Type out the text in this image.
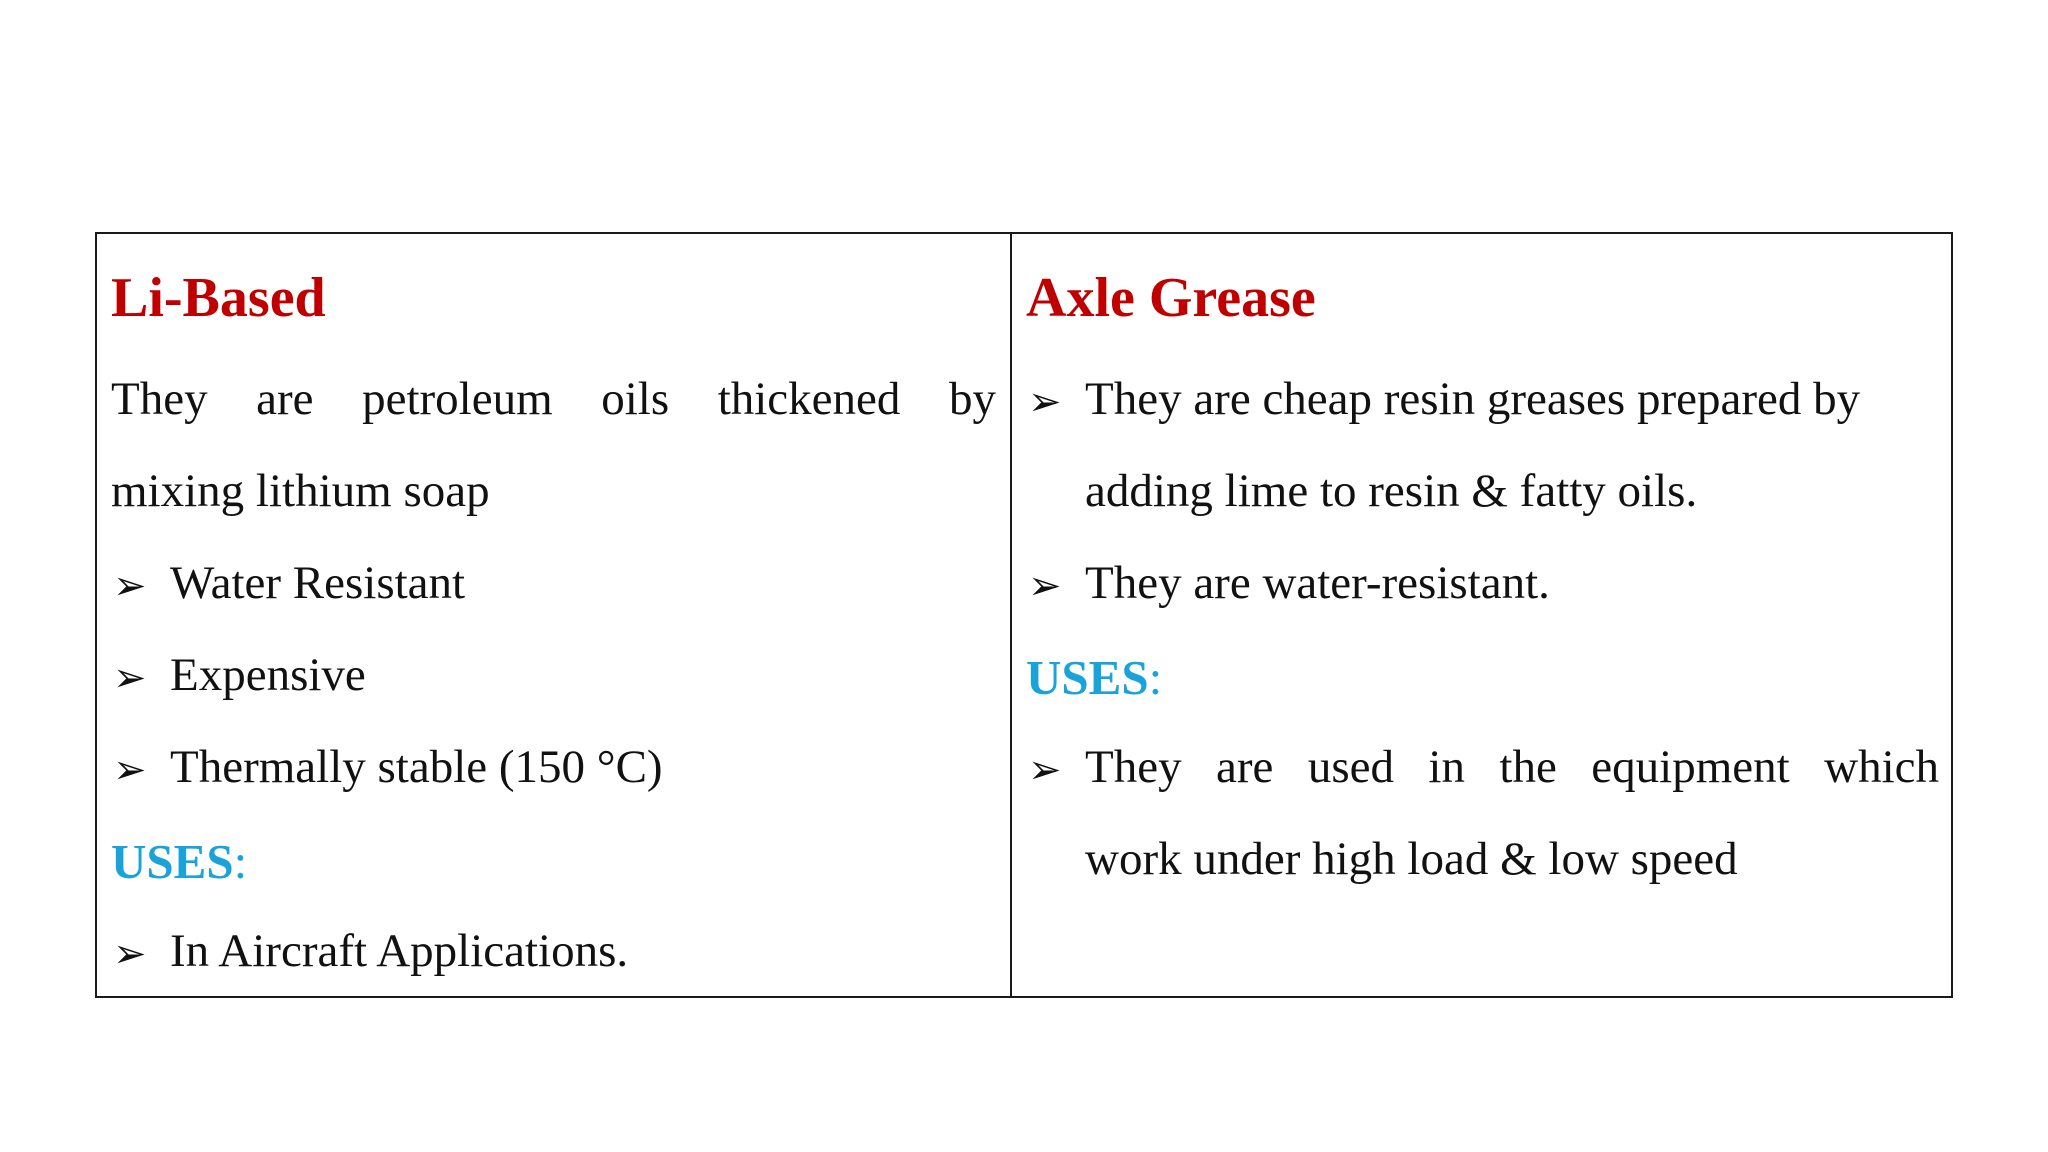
Li-Based
They are petroleum oils thickened by
mixing lithium soap
➢ Water Resistant
➢ Expensive
➢ Thermally stable (150 °C)
USES:
➢ In Aircraft Applications.
Axle Grease
➢ They are cheap resin greases prepared by
adding lime to resin & fatty oils.
➢ They are water-resistant.
USES:
➢ They are used in the equipment which
work under high load & low speed
